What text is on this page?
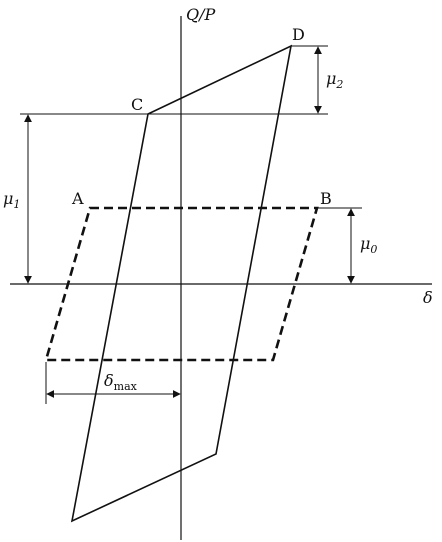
Q/P
δ
$\mu_2$
$\mu_1$
$\mu_0$
$\delta_{max}$
A	B
C
D
